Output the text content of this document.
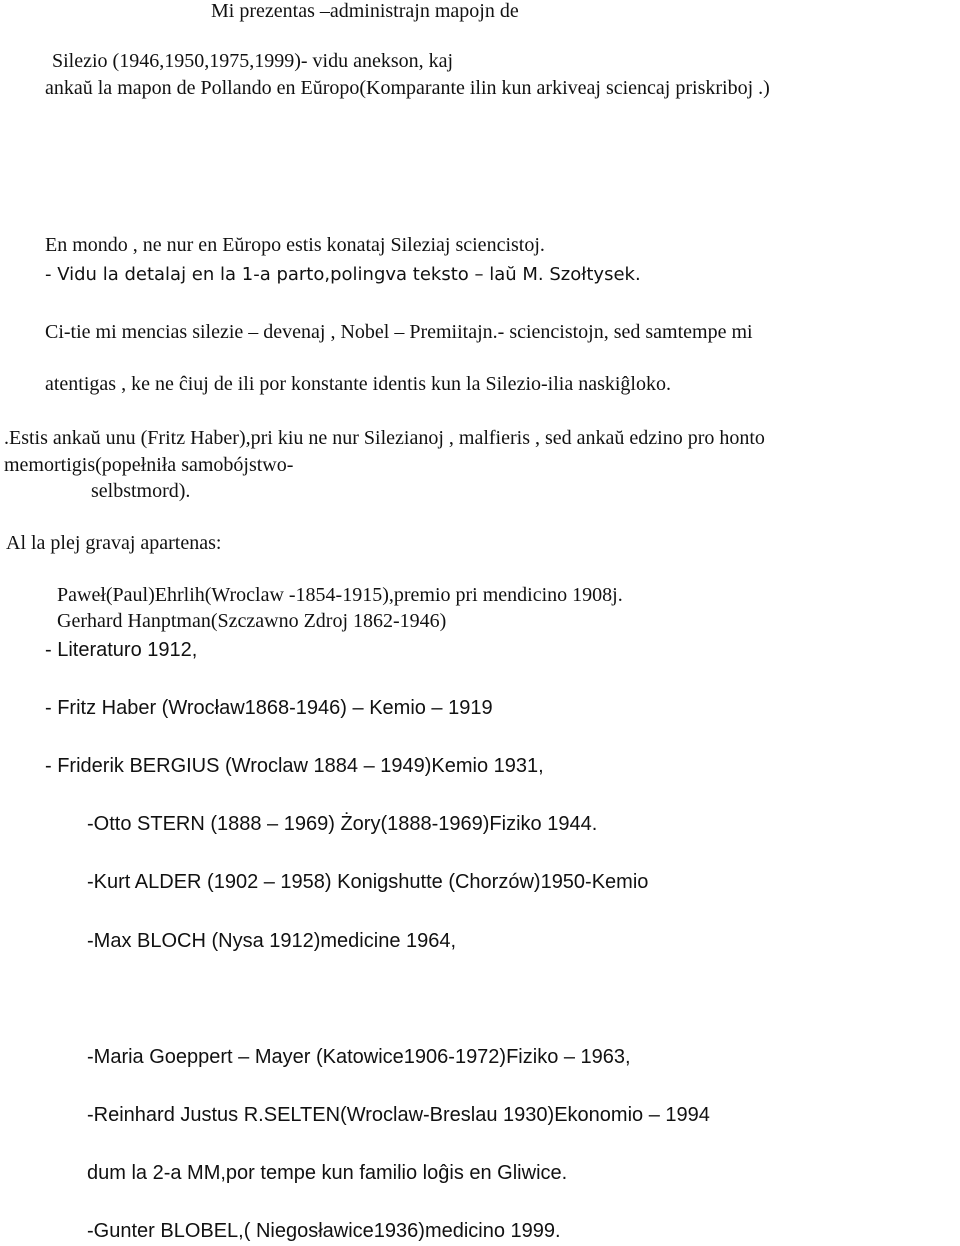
Mi prezentas –administrajn mapojn de
Silezio (1946,1950,1975,1999)- vidu anekson, kaj
ankaŭ la mapon de Pollando en Eŭropo(Komparante ilin kun arkiveaj sciencaj priskriboj .)
En mondo , ne nur en Eŭropo estis konataj Sileziaj sciencistoj.
- Vidu la detalaj en la 1-a parto,polingva teksto – laŭ M. Szołtysek.
Ci-tie mi mencias silezie – devenaj , Nobel – Premiitajn.- sciencistojn, sed samtempe mi
atentigas , ke ne ĉiuj de ili por konstante identis kun la Silezio-ilia naskiĝloko.
.Estis ankaŭ unu (Fritz Haber),pri kiu ne nur Silezianoj , malfieris , sed ankaŭ edzino pro honto
memortigis(popełniła samobójstwo-
selbstmord).
Al la plej gravaj apartenas:
Paweł(Paul)Ehrlih(Wroclaw -1854-1915),premio pri mendicino 1908j.
Gerhard Hanptman(Szczawno Zdroj 1862-1946)
- Literaturo 1912,
- Fritz Haber (Wrocław1868-1946) – Kemio – 1919
- Friderik BERGIUS (Wroclaw 1884 – 1949)Kemio 1931,
-Otto STERN (1888 – 1969) Żory(1888-1969)Fiziko 1944.
-Kurt ALDER (1902 – 1958) Konigshutte (Chorzów)1950-Kemio
-Max BLOCH (Nysa 1912)medicine 1964,
-Maria Goeppert – Mayer (Katowice1906-1972)Fiziko – 1963,
-Reinhard Justus R.SELTEN(Wroclaw-Breslau 1930)Ekonomio – 1994
dum la 2-a MM,por tempe kun familio loĝis en Gliwice.
-Gunter BLOBEL,( Niegosławice1936)medicino 1999.
